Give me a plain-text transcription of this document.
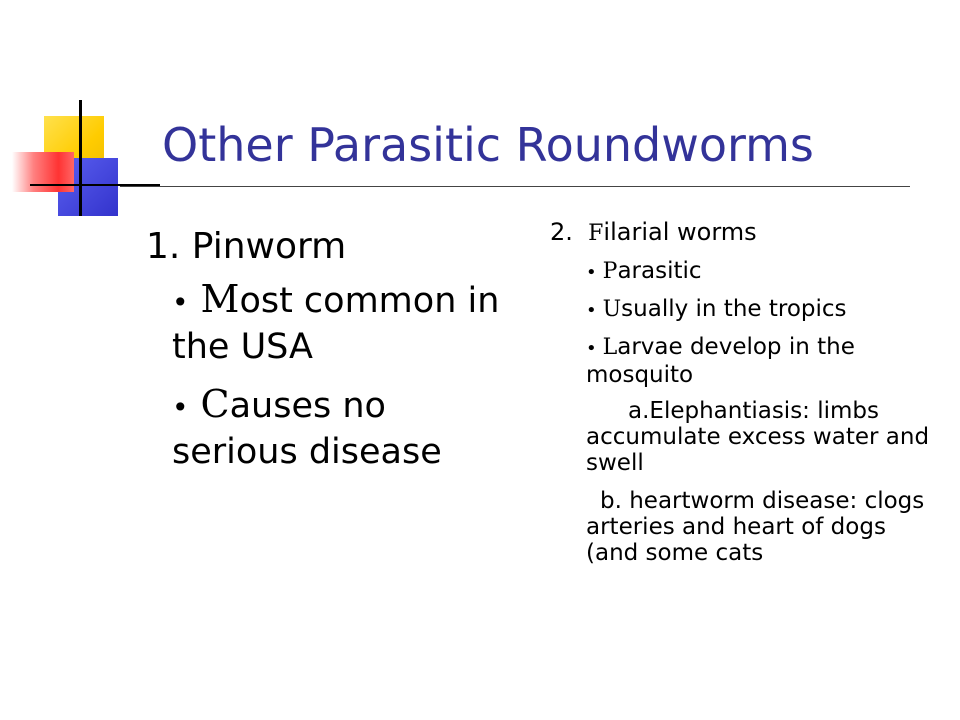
Other Parasitic Roundworms

1. Pinworm

• Most common in the USA

• Causes no serious disease

2.  Filarial worms

• Parasitic

• Usually in the tropics

• Larvae develop in the mosquito

a.Elephantiasis: limbs accumulate excess water and swell

b. heartworm disease: clogs arteries and heart of dogs (and some cats
